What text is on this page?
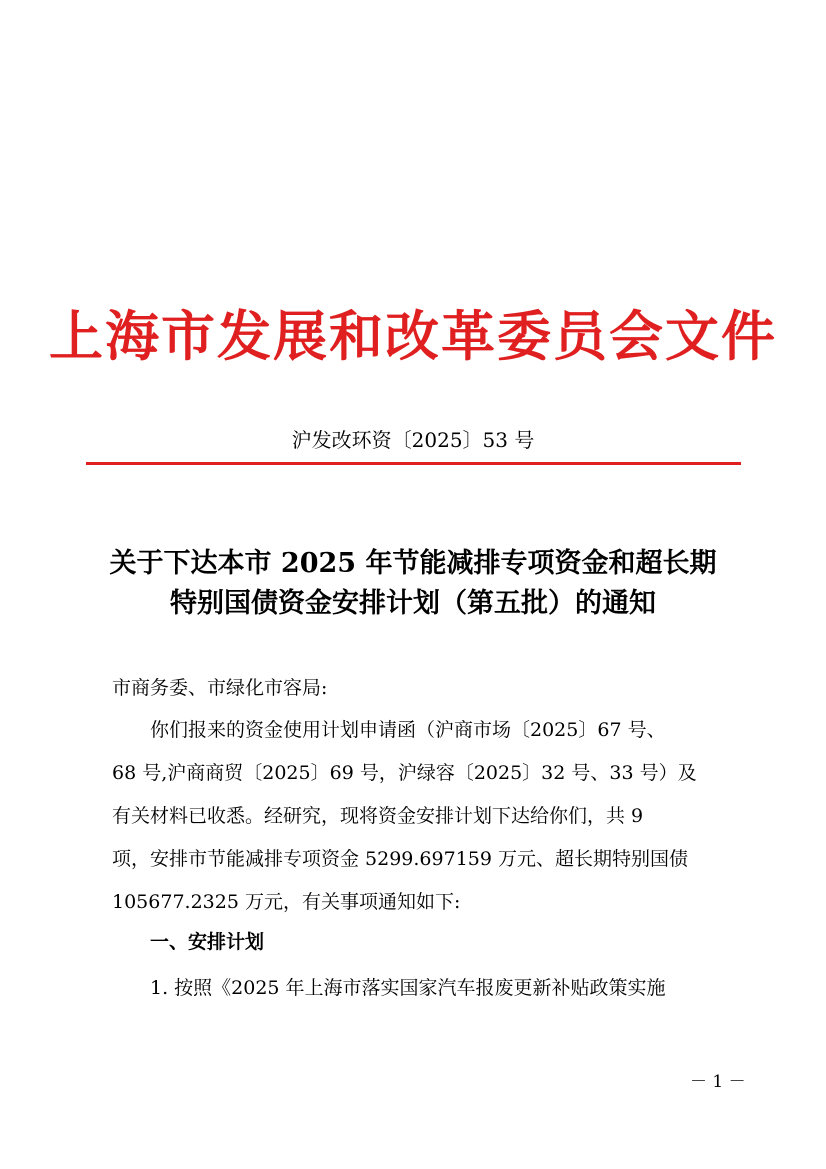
上海市发展和改革委员会文件
沪发改环资〔2025〕53 号
关于下达本市 2025 年节能减排专项资金和超长期
特别国债资金安排计划（第五批）的通知
市商务委、市绿化市容局:
　　你们报来的资金使用计划申请函（沪商市场〔2025〕67 号、
68 号,沪商商贸〔2025〕69 号，沪绿容〔2025〕32 号、33 号）及
有关材料已收悉。经研究，现将资金安排计划下达给你们，共 9
项，安排市节能减排专项资金 5299.697159 万元、超长期特别国债
105677.2325 万元，有关事项通知如下:
一、安排计划
　　1. 按照《2025 年上海市落实国家汽车报废更新补贴政策实施
－ 1 －
